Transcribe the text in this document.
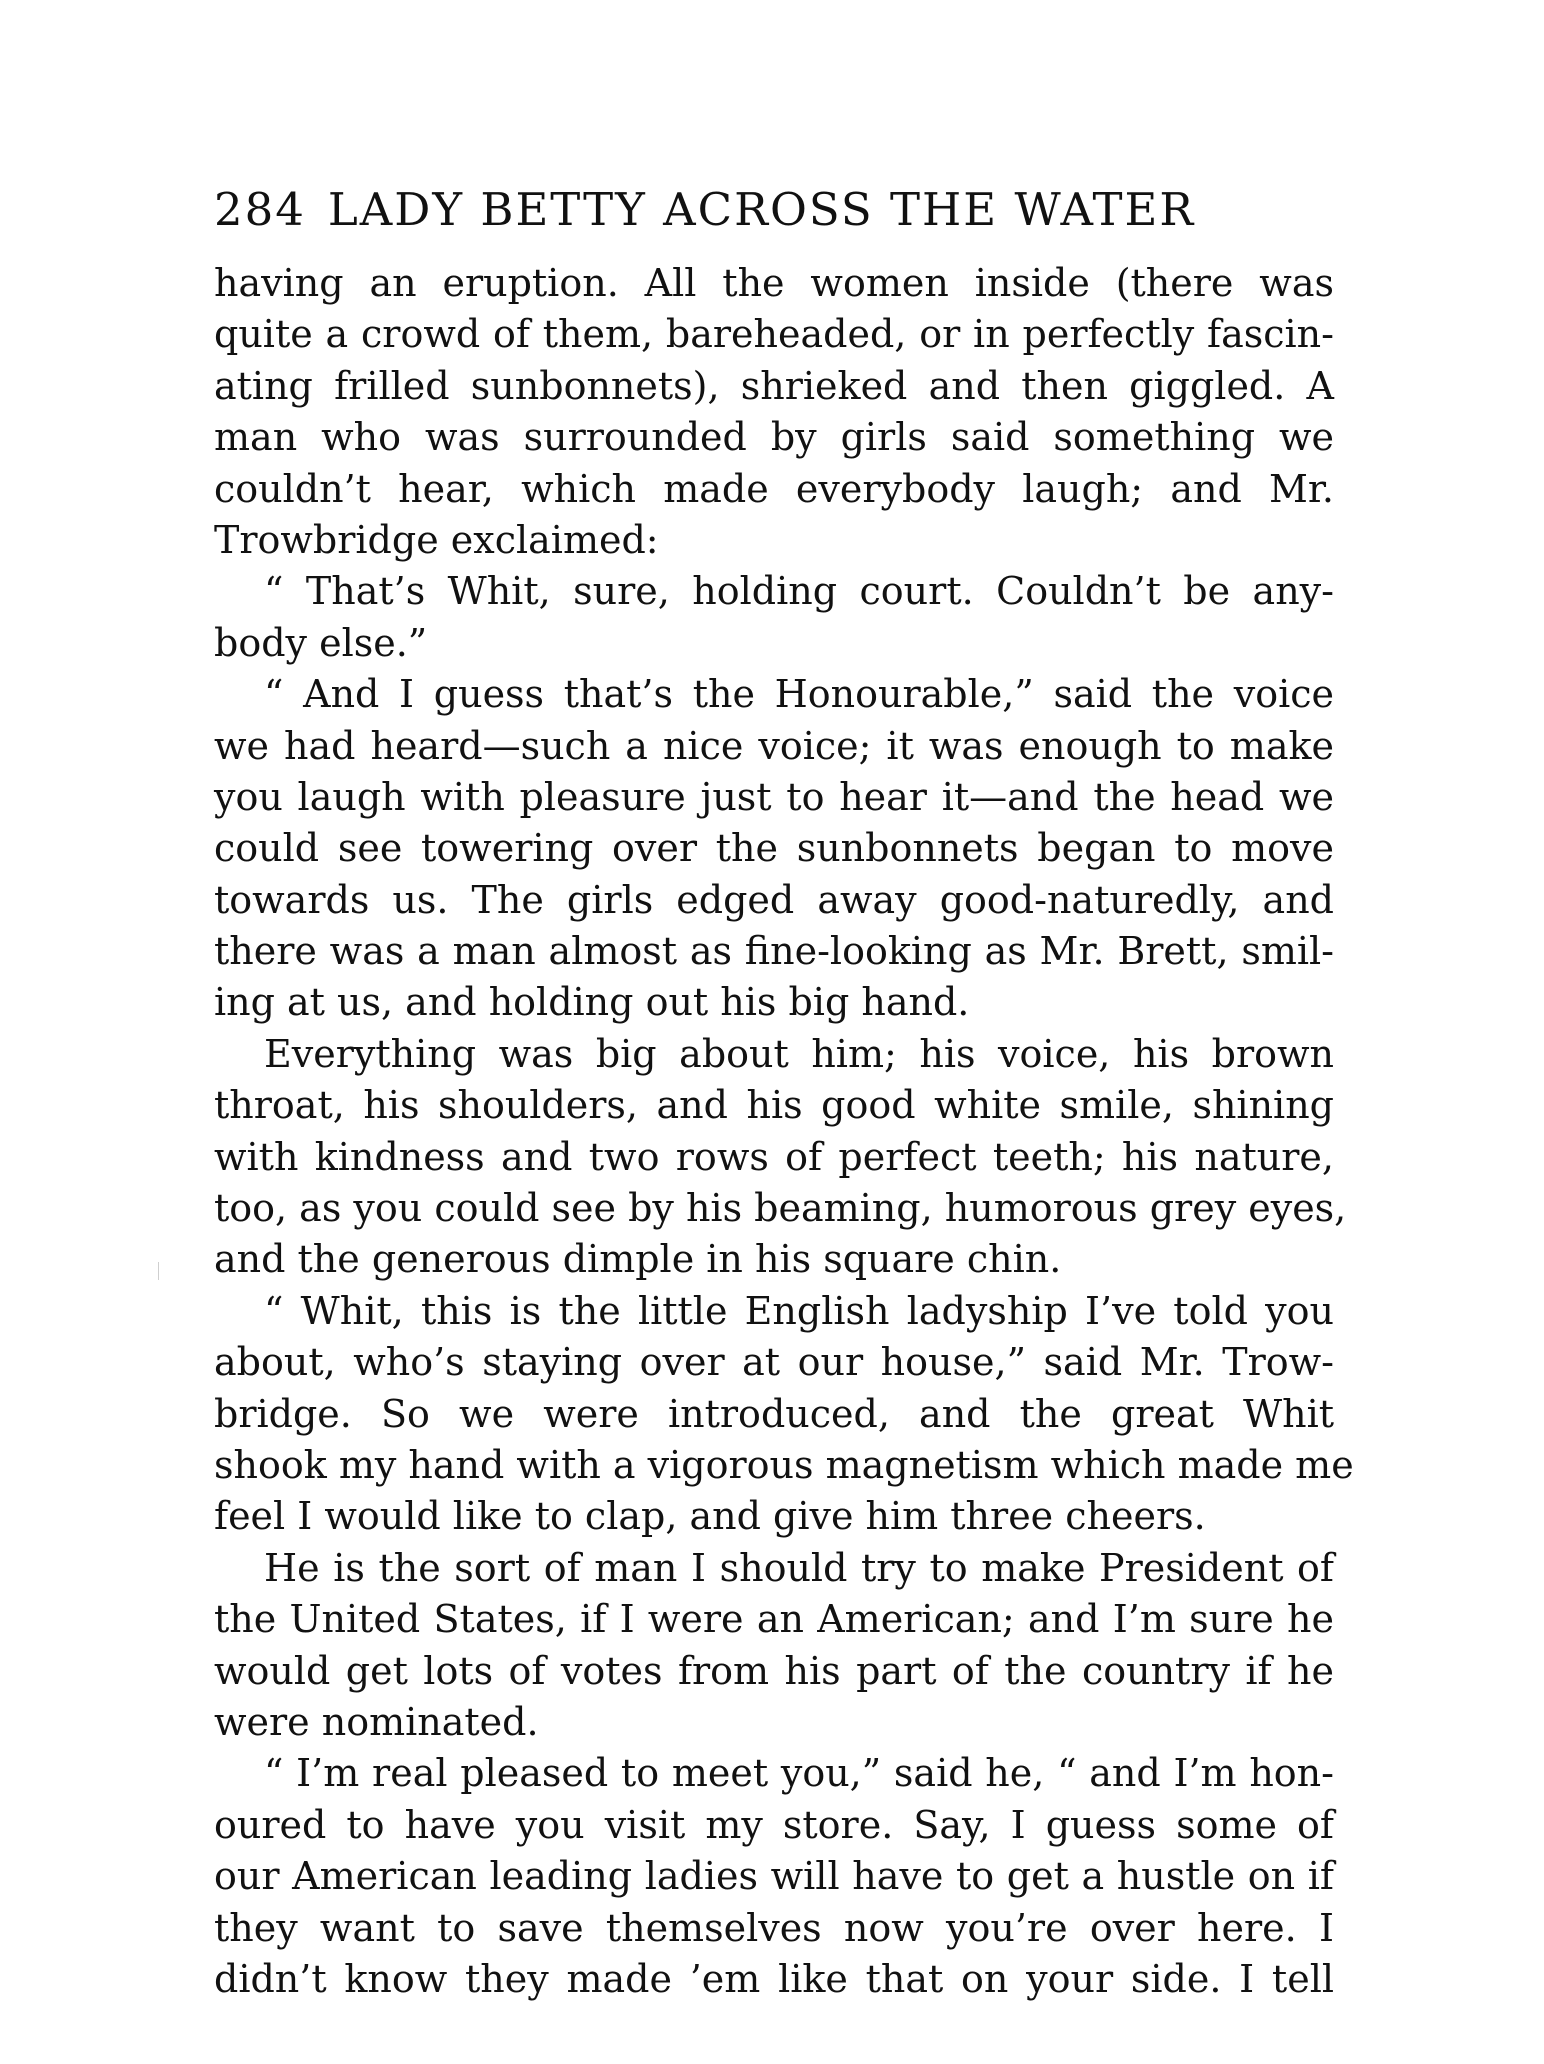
284 LADY BETTY ACROSS THE WATER
having an eruption. All the women inside (there was
quite a crowd of them, bareheaded, or in perfectly fascin-
ating frilled sunbonnets), shrieked and then giggled. A
man who was surrounded by girls said something we
couldn’t hear, which made everybody laugh; and Mr.
Trowbridge exclaimed:
“ That’s Whit, sure, holding court. Couldn’t be any-
body else.”
“ And I guess that’s the Honourable,” said the voice
we had heard—such a nice voice; it was enough to make
you laugh with pleasure just to hear it—and the head we
could see towering over the sunbonnets began to move
towards us. The girls edged away good-naturedly, and
there was a man almost as fine-looking as Mr. Brett, smil-
ing at us, and holding out his big hand.
Everything was big about him; his voice, his brown
throat, his shoulders, and his good white smile, shining
with kindness and two rows of perfect teeth; his nature,
too, as you could see by his beaming, humorous grey eyes,
and the generous dimple in his square chin.
“ Whit, this is the little English ladyship I’ve told you
about, who’s staying over at our house,” said Mr. Trow-
bridge. So we were introduced, and the great Whit
shook my hand with a vigorous magnetism which made me
feel I would like to clap, and give him three cheers.
He is the sort of man I should try to make President of
the United States, if I were an American; and I’m sure he
would get lots of votes from his part of the country if he
were nominated.
“ I’m real pleased to meet you,” said he, “ and I’m hon-
oured to have you visit my store. Say, I guess some of
our American leading ladies will have to get a hustle on if
they want to save themselves now you’re over here. I
didn’t know they made ’em like that on your side. I tell
